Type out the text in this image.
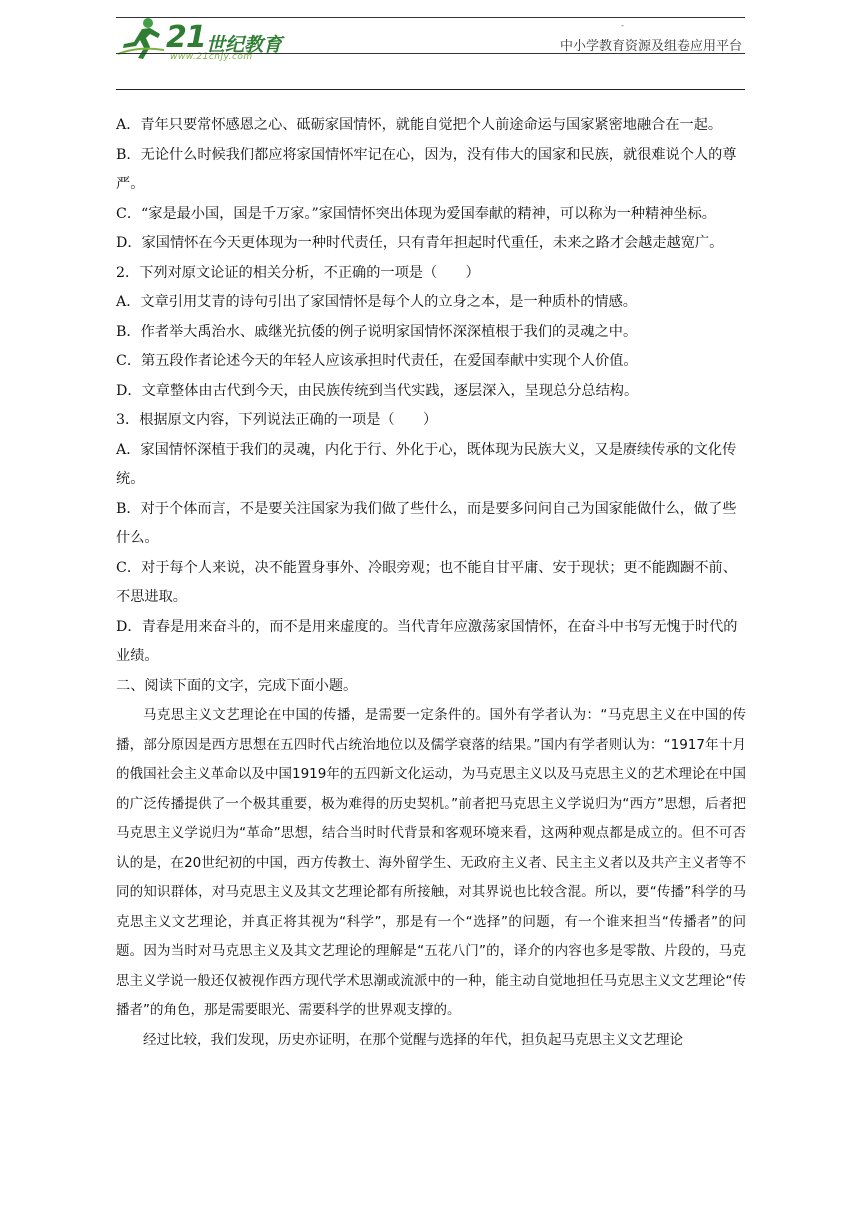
21 世纪教育
www.21cnjy.com
-
中小学教育资源及组卷应用平台
A．青年只要常怀感恩之心、砥砺家国情怀，就能自觉把个人前途命运与国家紧密地融合在一起。
B．无论什么时候我们都应将家国情怀牢记在心，因为，没有伟大的国家和民族，就很难说个人的尊严。
C．“家是最小国，国是千万家。”家国情怀突出体现为爱国奉献的精神，可以称为一种精神坐标。
D．家国情怀在今天更体现为一种时代责任，只有青年担起时代重任，未来之路才会越走越宽广。
2．下列对原文论证的相关分析，不正确的一项是（　　）
A．文章引用艾青的诗句引出了家国情怀是每个人的立身之本，是一种质朴的情感。
B．作者举大禹治水、戚继光抗倭的例子说明家国情怀深深植根于我们的灵魂之中。
C．第五段作者论述今天的年轻人应该承担时代责任，在爱国奉献中实现个人价值。
D．文章整体由古代到今天，由民族传统到当代实践，逐层深入，呈现总分总结构。
3．根据原文内容，下列说法正确的一项是（　　）
A．家国情怀深植于我们的灵魂，内化于行、外化于心，既体现为民族大义，又是赓续传承的文化传统。
B．对于个体而言，不是要关注国家为我们做了些什么，而是要多问问自己为国家能做什么，做了些什么。
C．对于每个人来说，决不能置身事外、冷眼旁观；也不能自甘平庸、安于现状；更不能踟蹰不前、不思进取。
D．青春是用来奋斗的，而不是用来虚度的。当代青年应激荡家国情怀，在奋斗中书写无愧于时代的业绩。
二、阅读下面的文字，完成下面小题。
马克思主义文艺理论在中国的传播，是需要一定条件的。国外有学者认为：“马克思主义在中国的传播，部分原因是西方思想在五四时代占统治地位以及儒学衰落的结果。”国内有学者则认为：“1917年十月的俄国社会主义革命以及中国1919年的五四新文化运动，为马克思主义以及马克思主义的艺术理论在中国的广泛传播提供了一个极其重要，极为难得的历史契机。”前者把马克思主义学说归为“西方”思想，后者把马克思主义学说归为“革命”思想，结合当时时代背景和客观环境来看，这两种观点都是成立的。但不可否认的是，在20世纪初的中国，西方传教士、海外留学生、无政府主义者、民主主义者以及共产主义者等不同的知识群体，对马克思主义及其文艺理论都有所接触，对其界说也比较含混。所以，要“传播”科学的马克思主义文艺理论，并真正将其视为“科学”，那是有一个“选择”的问题，有一个谁来担当“传播者”的问题。因为当时对马克思主义及其文艺理论的理解是“五花八门”的，译介的内容也多是零散、片段的，马克思主义学说一般还仅被视作西方现代学术思潮或流派中的一种，能主动自觉地担任马克思主义文艺理论“传播者”的角色，那是需要眼光、需要科学的世界观支撑的。
经过比较，我们发现，历史亦证明，在那个觉醒与选择的年代，担负起马克思主义文艺理论
